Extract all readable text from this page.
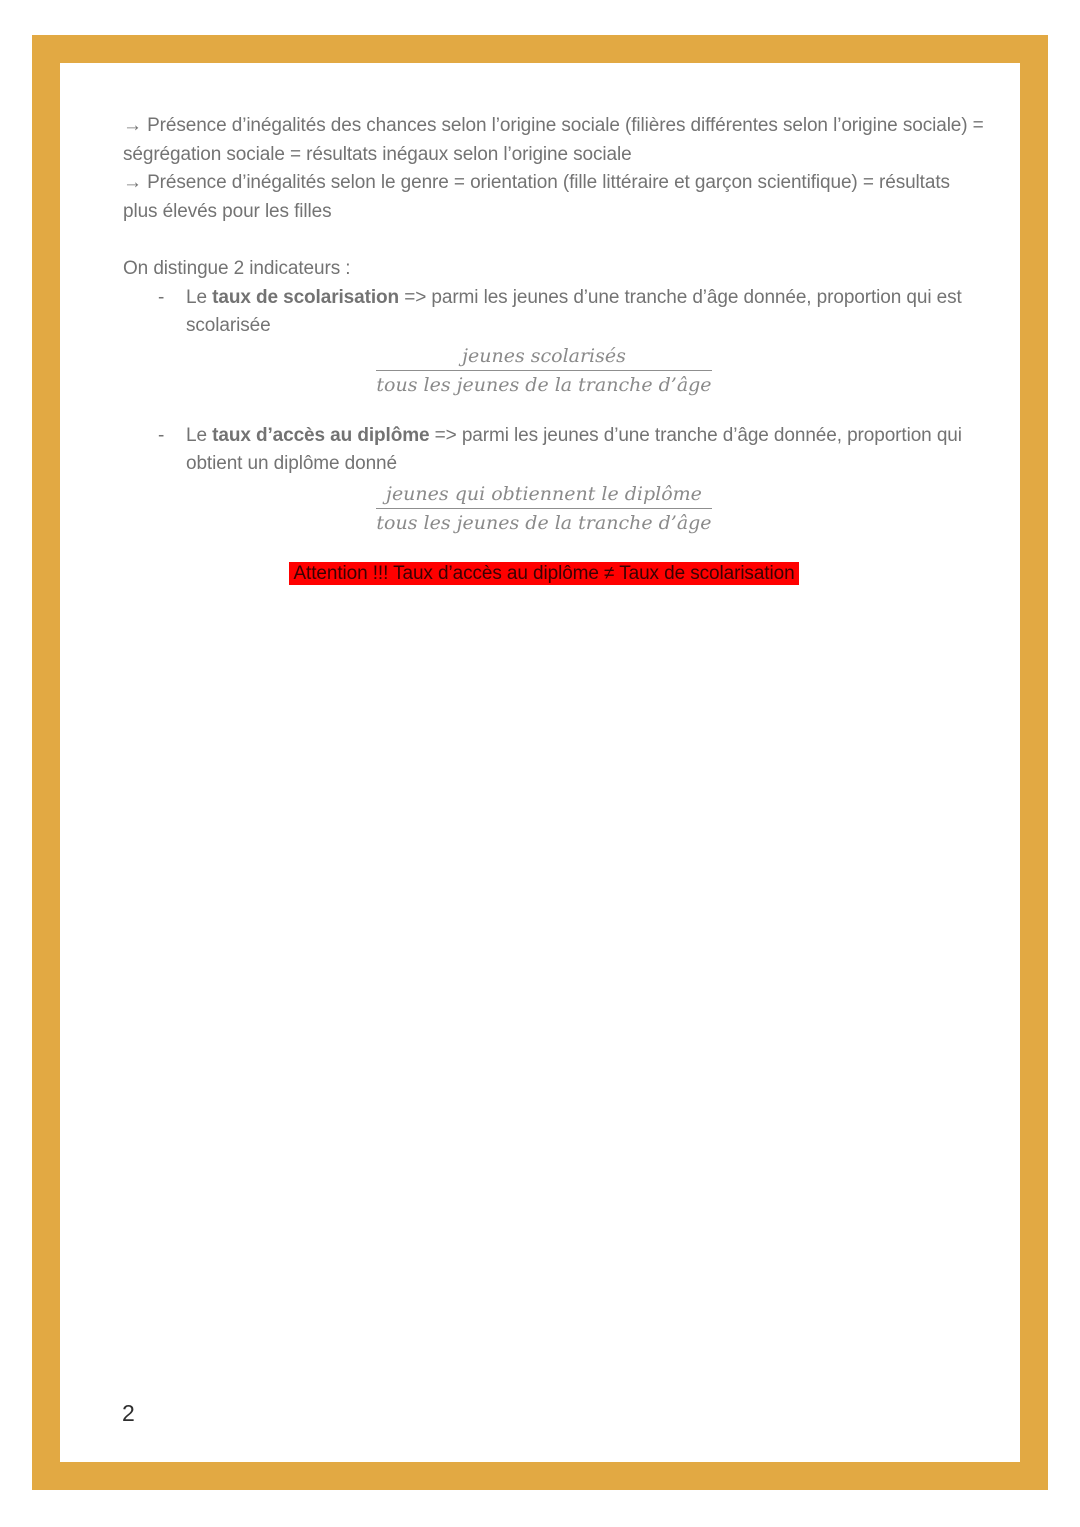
→ Présence d’inégalités des chances selon l’origine sociale (filières différentes selon l’origine sociale) =
ségrégation sociale = résultats inégaux selon l’origine sociale
→ Présence d’inégalités selon le genre = orientation (fille littéraire et garçon scientifique) = résultats
plus élevés pour les filles
On distingue 2 indicateurs :
-	Le taux de scolarisation => parmi les jeunes d’une tranche d’âge donnée, proportion qui est
scolarisée
$\frac{\text{jeunes scolarisés}}{\text{tous les jeunes de la tranche d’âge}}$
-	Le taux d’accès au diplôme => parmi les jeunes d’une tranche d’âge donnée, proportion qui
obtient un diplôme donné
$\frac{\text{jeunes qui obtiennent le diplôme}}{\text{tous les jeunes de la tranche d’âge}}$
Attention !!! Taux d’accès au diplôme ≠ Taux de scolarisation
2
